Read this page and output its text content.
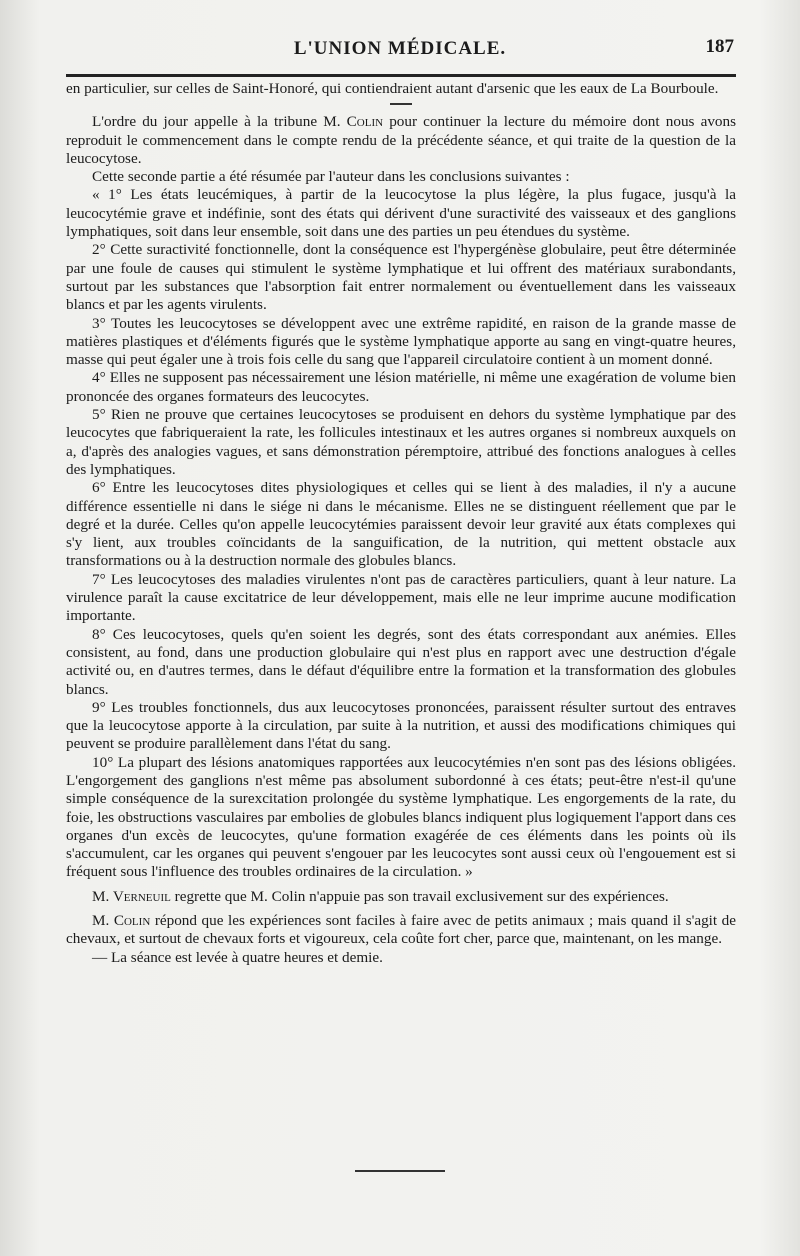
L'UNION MÉDICALE.	187

en particulier, sur celles de Saint-Honoré, qui contiendraient autant d'arsenic que les eaux de La Bourboule.

L'ordre du jour appelle à la tribune M. Colin pour continuer la lecture du mémoire dont nous avons reproduit le commencement dans le compte rendu de la précédente séance, et qui traite de la question de la leucocytose.

Cette seconde partie a été résumée par l'auteur dans les conclusions suivantes :

« 1° Les états leucémiques, à partir de la leucocytose la plus légère, la plus fugace, jusqu'à la leucocytémie grave et indéfinie, sont des états qui dérivent d'une suractivité des vaisseaux et des ganglions lymphatiques, soit dans leur ensemble, soit dans une des parties un peu étendues du système.

2° Cette suractivité fonctionnelle, dont la conséquence est l'hypergénèse globulaire, peut être déterminée par une foule de causes qui stimulent le système lymphatique et lui offrent des matériaux surabondants, surtout par les substances que l'absorption fait entrer normalement ou éventuellement dans les vaisseaux blancs et par les agents virulents.

3° Toutes les leucocytoses se développent avec une extrême rapidité, en raison de la grande masse de matières plastiques et d'éléments figurés que le système lymphatique apporte au sang en vingt-quatre heures, masse qui peut égaler une à trois fois celle du sang que l'appareil circulatoire contient à un moment donné.

4° Elles ne supposent pas nécessairement une lésion matérielle, ni même une exagération de volume bien prononcée des organes formateurs des leucocytes.

5° Rien ne prouve que certaines leucocytoses se produisent en dehors du système lymphatique par des leucocytes que fabriqueraient la rate, les follicules intestinaux et les autres organes si nombreux auxquels on a, d'après des analogies vagues, et sans démonstration péremptoire, attribué des fonctions analogues à celles des lymphatiques.

6° Entre les leucocytoses dites physiologiques et celles qui se lient à des maladies, il n'y a aucune différence essentielle ni dans le siége ni dans le mécanisme. Elles ne se distinguent réellement que par le degré et la durée. Celles qu'on appelle leucocytémies paraissent devoir leur gravité aux états complexes qui s'y lient, aux troubles coïncidants de la sanguification, de la nutrition, qui mettent obstacle aux transformations ou à la destruction normale des globules blancs.

7° Les leucocytoses des maladies virulentes n'ont pas de caractères particuliers, quant à leur nature. La virulence paraît la cause excitatrice de leur développement, mais elle ne leur imprime aucune modification importante.

8° Ces leucocytoses, quels qu'en soient les degrés, sont des états correspondant aux anémies. Elles consistent, au fond, dans une production globulaire qui n'est plus en rapport avec une destruction d'égale activité ou, en d'autres termes, dans le défaut d'équilibre entre la formation et la transformation des globules blancs.

9° Les troubles fonctionnels, dus aux leucocytoses prononcées, paraissent résulter surtout des entraves que la leucocytose apporte à la circulation, par suite à la nutrition, et aussi des modifications chimiques qui peuvent se produire parallèlement dans l'état du sang.

10° La plupart des lésions anatomiques rapportées aux leucocytémies n'en sont pas des lésions obligées. L'engorgement des ganglions n'est même pas absolument subordonné à ces états; peut-être n'est-il qu'une simple conséquence de la surexcitation prolongée du système lymphatique. Les engorgements de la rate, du foie, les obstructions vasculaires par embolies de globules blancs indiquent plus logiquement l'apport dans ces organes d'un excès de leucocytes, qu'une formation exagérée de ces éléments dans les points où ils s'accumulent, car les organes qui peuvent s'engouer par les leucocytes sont aussi ceux où l'engouement est si fréquent sous l'influence des troubles ordinaires de la circulation. »

M. Verneuil regrette que M. Colin n'appuie pas son travail exclusivement sur des expériences.

M. Colin répond que les expériences sont faciles à faire avec de petits animaux ; mais quand il s'agit de chevaux, et surtout de chevaux forts et vigoureux, cela coûte fort cher, parce que, maintenant, on les mange.

— La séance est levée à quatre heures et demie.
